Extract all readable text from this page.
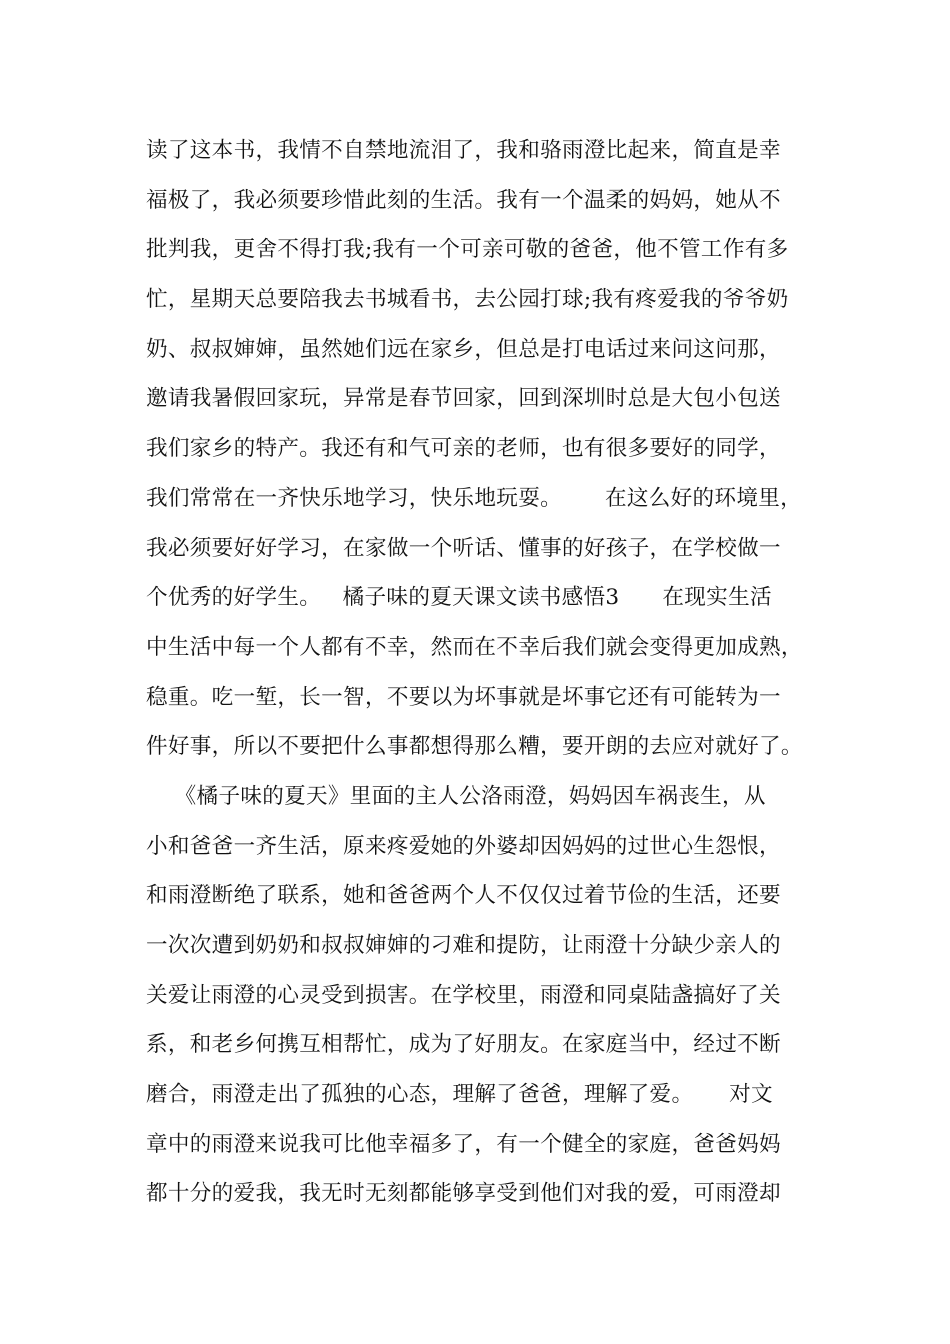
读了这本书，我情不自禁地流泪了，我和骆雨澄比起来，简直是幸
福极了，我必须要珍惜此刻的生活。我有一个温柔的妈妈，她从不
批判我，更舍不得打我;我有一个可亲可敬的爸爸，他不管工作有多
忙，星期天总要陪我去书城看书，去公园打球;我有疼爱我的爷爷奶
奶、叔叔婶婶，虽然她们远在家乡，但总是打电话过来问这问那，
邀请我暑假回家玩，异常是春节回家，回到深圳时总是大包小包送
我们家乡的特产。我还有和气可亲的老师，也有很多要好的同学，
我们常常在一齐快乐地学习，快乐地玩耍。      在这么好的环境里，
我必须要好好学习，在家做一个听话、懂事的好孩子，在学校做一
个优秀的好学生。   橘子味的夏天课文读书感悟3      在现实生活
中生活中每一个人都有不幸，然而在不幸后我们就会变得更加成熟，
稳重。吃一堑，长一智，不要以为坏事就是坏事它还有可能转为一
件好事，所以不要把什么事都想得那么糟，要开朗的去应对就好了。
《橘子味的夏天》里面的主人公洛雨澄，妈妈因车祸丧生，从
小和爸爸一齐生活，原来疼爱她的外婆却因妈妈的过世心生怨恨，
和雨澄断绝了联系，她和爸爸两个人不仅仅过着节俭的生活，还要
一次次遭到奶奶和叔叔婶婶的刁难和提防，让雨澄十分缺少亲人的
关爱让雨澄的心灵受到损害。在学校里，雨澄和同桌陆盏搞好了关
系，和老乡何携互相帮忙，成为了好朋友。在家庭当中，经过不断
磨合，雨澄走出了孤独的心态，理解了爸爸，理解了爱。     对文
章中的雨澄来说我可比他幸福多了，有一个健全的家庭，爸爸妈妈
都十分的爱我，我无时无刻都能够享受到他们对我的爱，可雨澄却
